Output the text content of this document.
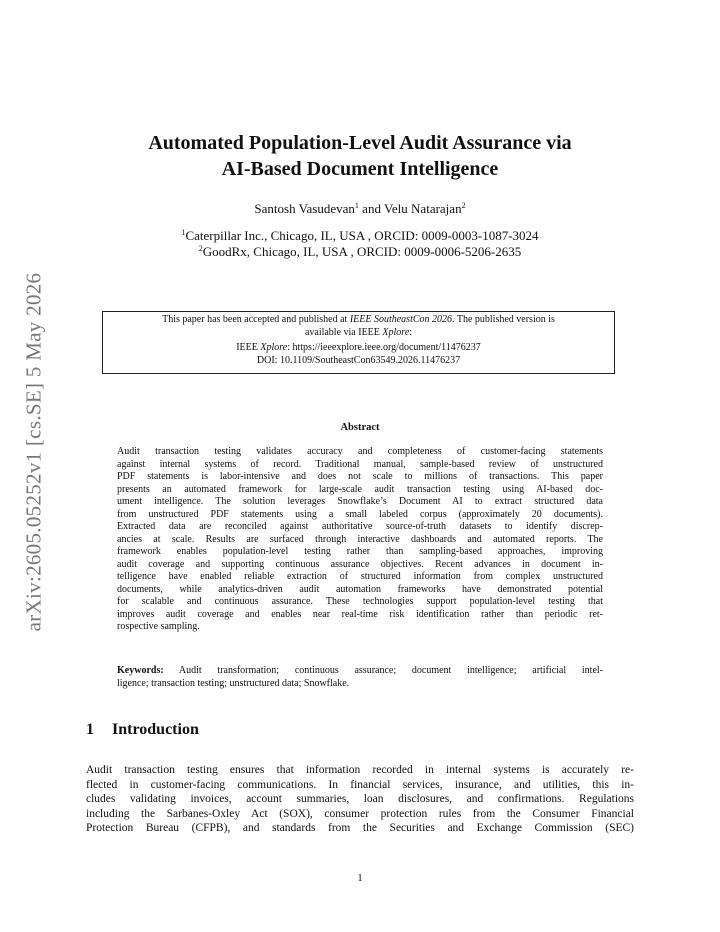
arXiv:2605.05252v1 [cs.SE] 5 May 2026
Automated Population-Level Audit Assurance via
AI-Based Document Intelligence
Santosh Vasudevan$^1$ and Velu Natarajan$^2$
$^1$Caterpillar Inc., Chicago, IL, USA , ORCID: 0009-0003-1087-3024
$^2$GoodRx, Chicago, IL, USA , ORCID: 0009-0006-5206-2635
This paper has been accepted and published at IEEE SoutheastCon 2026. The published version is
available via IEEE Xplore:
IEEE Xplore: https://ieeexplore.ieee.org/document/11476237
DOI: 10.1109/SoutheastCon63549.2026.11476237
Abstract
Audit transaction testing validates accuracy and completeness of customer-facing statements
against internal systems of record. Traditional manual, sample-based review of unstructured
PDF statements is labor-intensive and does not scale to millions of transactions. This paper
presents an automated framework for large-scale audit transaction testing using AI-based doc-
ument intelligence. The solution leverages Snowflake’s Document AI to extract structured data
from unstructured PDF statements using a small labeled corpus (approximately 20 documents).
Extracted data are reconciled against authoritative source-of-truth datasets to identify discrep-
ancies at scale. Results are surfaced through interactive dashboards and automated reports. The
framework enables population-level testing rather than sampling-based approaches, improving
audit coverage and supporting continuous assurance objectives. Recent advances in document in-
telligence have enabled reliable extraction of structured information from complex unstructured
documents, while analytics-driven audit automation frameworks have demonstrated potential
for scalable and continuous assurance. These technologies support population-level testing that
improves audit coverage and enables near real-time risk identification rather than periodic ret-
rospective sampling.
Keywords: Audit transformation; continuous assurance; document intelligence; artificial intel-
ligence; transaction testing; unstructured data; Snowflake.
1 Introduction
Audit transaction testing ensures that information recorded in internal systems is accurately re-
flected in customer-facing communications. In financial services, insurance, and utilities, this in-
cludes validating invoices, account summaries, loan disclosures, and confirmations. Regulations
including the Sarbanes-Oxley Act (SOX), consumer protection rules from the Consumer Financial
Protection Bureau (CFPB), and standards from the Securities and Exchange Commission (SEC)
1
